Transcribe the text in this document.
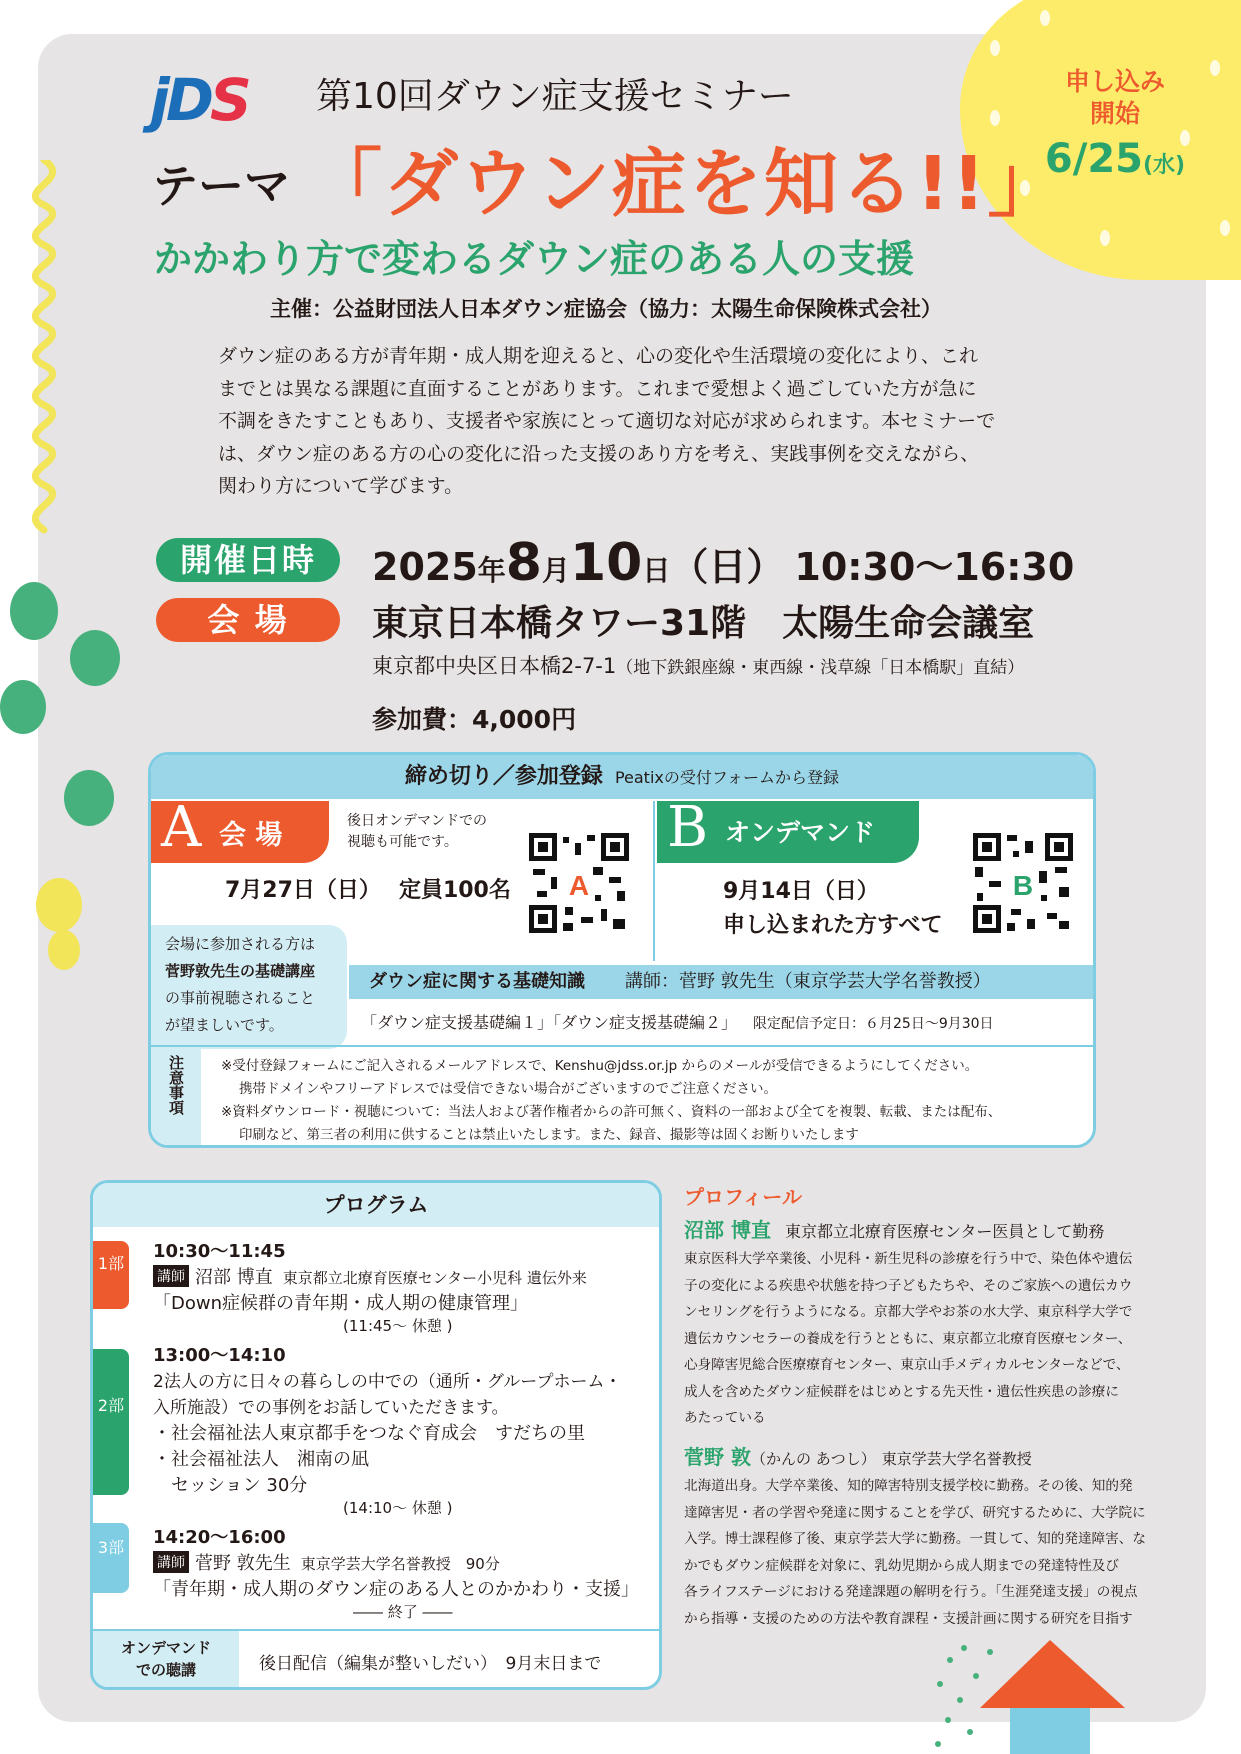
jDS 第10回ダウン症支援セミナー
テーマ 「ダウン症を知る!!」
かかわり方で変わるダウン症のある人の支援
主催：公益財団法人日本ダウン症協会（協力：太陽生命保険株式会社）
申し込み
開始
6/25(水)
ダウン症のある方が青年期・成人期を迎えると、心の変化や生活環境の変化により、これ
までとは異なる課題に直面することがあります。これまで愛想よく過ごしていた方が急に
不調をきたすこともあり、支援者や家族にとって適切な対応が求められます。本セミナーで
は、ダウン症のある方の心の変化に沿った支援のあり方を考え、実践事例を交えながら、
関わり方について学びます。
開催日時
会 場
2025年8月10日（日） 10:30〜16:30
東京日本橋タワー31階　太陽生命会議室
東京都中央区日本橋2-7-1（地下鉄銀座線・東西線・浅草線「日本橋駅」直結）
参加費：4,000円
締め切り／参加登録 Peatixの受付フォームから登録
A 会 場	後日オンデマンドでの
視聴も可能です。
7月27日（日） 定員100名 A
B オンデマンド
9月14日（日）
申し込まれた方すべて
B
会場に参加される方は
菅野敦先生の基礎講座
の事前視聴されること
が望ましいです。
ダウン症に関する基礎知識 講師：菅野 敦先生（東京学芸大学名誉教授）
「ダウン症支援基礎編１」「ダウン症支援基礎編２」 限定配信予定日：６月25日〜9月30日
注意事項	※受付登録フォームにご記入されるメールアドレスで、Kenshu@jdss.or.jp からのメールが受信できるようにしてください。
携帯ドメインやフリーアドレスでは受信できない場合がございますのでご注意ください。
※資料ダウンロード・視聴について：当法人および著作権者からの許可無く、資料の一部および全てを複製、転載、または配布、
印刷など、第三者の利用に供することは禁止いたします。また、録音、撮影等は固くお断りいたします
プログラム
1部
10:30〜11:45
講師 沼部 博直 東京都立北療育医療センター小児科 遺伝外来
「Down症候群の青年期・成人期の健康管理」
(11:45〜 休憩 )
2部
13:00〜14:10
2法人の方に日々の暮らしの中での（通所・グループホーム・
入所施設）での事例をお話していただきます。
・社会福祉法人東京都手をつなぐ育成会　すだちの里
・社会福祉法人　湘南の凪
セッション 30分
(14:10〜 休憩 )
3部 14:20〜16:00
講師 菅野 敦先生 東京学芸大学名誉教授　90分
「青年期・成人期のダウン症のある人とのかかわり・支援」
―― 終了 ――
オンデマンド
での聴講	後日配信（編集が整いしだい）　9月末日まで
プロフィール
沼部 博直 東京都立北療育医療センター医員として勤務
東京医科大学卒業後、小児科・新生児科の診療を行う中で、染色体や遺伝
子の変化による疾患や状態を持つ子どもたちや、そのご家族への遺伝カウ
ンセリングを行うようになる。京都大学やお茶の水大学、東京科学大学で
遺伝カウンセラーの養成を行うとともに、東京都立北療育医療センター、
心身障害児総合医療療育センター、東京山手メディカルセンターなどで、
成人を含めたダウン症候群をはじめとする先天性・遺伝性疾患の診療に
あたっている
菅野 敦（かんの あつし） 東京学芸大学名誉教授
北海道出身。大学卒業後、知的障害特別支援学校に勤務。その後、知的発
達障害児・者の学習や発達に関することを学び、研究するために、大学院に
入学。博士課程修了後、東京学芸大学に勤務。一貫して、知的発達障害、な
かでもダウン症候群を対象に、乳幼児期から成人期までの発達特性及び
各ライフステージにおける発達課題の解明を行う。「生涯発達支援」の視点
から指導・支援のための方法や教育課程・支援計画に関する研究を目指す
